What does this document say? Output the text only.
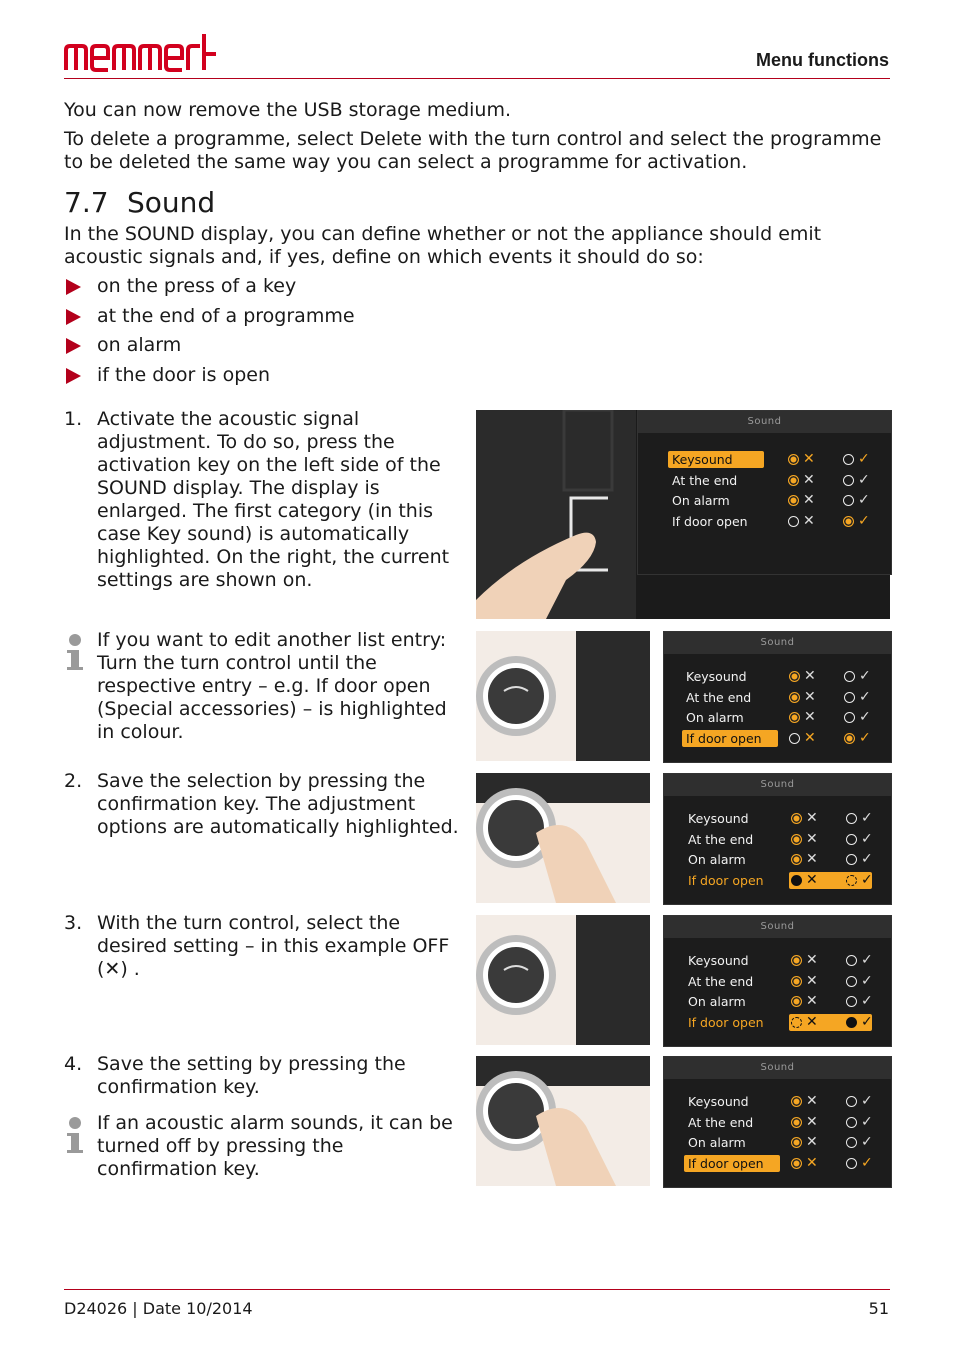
Menu functions
You can now remove the USB storage medium.
To delete a programme, select Delete with the turn control and select the programme to be deleted the same way you can select a programme for activation.
7.7 Sound
In the SOUND display, you can define whether or not the appliance should emit acoustic signals and, if yes, define on which events it should do so:
on the press of a key
at the end of a programme
on alarm
if the door is open
1. Activate the acoustic signal adjustment. To do so, press the activation key on the left side of the SOUND display. The display is enlarged. The first category (in this case Key sound) is automatically highlighted. On the right, the current settings are shown on.
If you want to edit another list entry: Turn the turn control until the respective entry – e.g. If door open (Special accessories) – is highlighted in colour.
2. Save the selection by pressing the confirmation key. The adjustment options are automatically highlighted.
3. With the turn control, select the desired setting – in this example OFF (✕) .
4. Save the setting by pressing the confirmation key.
If an acoustic alarm sounds, it can be turned off by pressing the confirmation key.
Sound
Keysound	✕	✓
At the end	✕	✓
On alarm	✕	✓
If door open	✕	✓
Sound
Keysound	✕	✓
At the end	✕	✓
On alarm	✕	✓
If door open	✕	✓
Sound
Keysound	✕	✓
At the end	✕	✓
On alarm	✕	✓
If door open	✕	✓
Sound
Keysound	✕	✓
At the end	✕	✓
On alarm	✕	✓
If door open	✕	✓
Sound
Keysound	✕	✓
At the end	✕	✓
On alarm	✕	✓
If door open	✕	✓
D24026 | Date 10/2014	51
